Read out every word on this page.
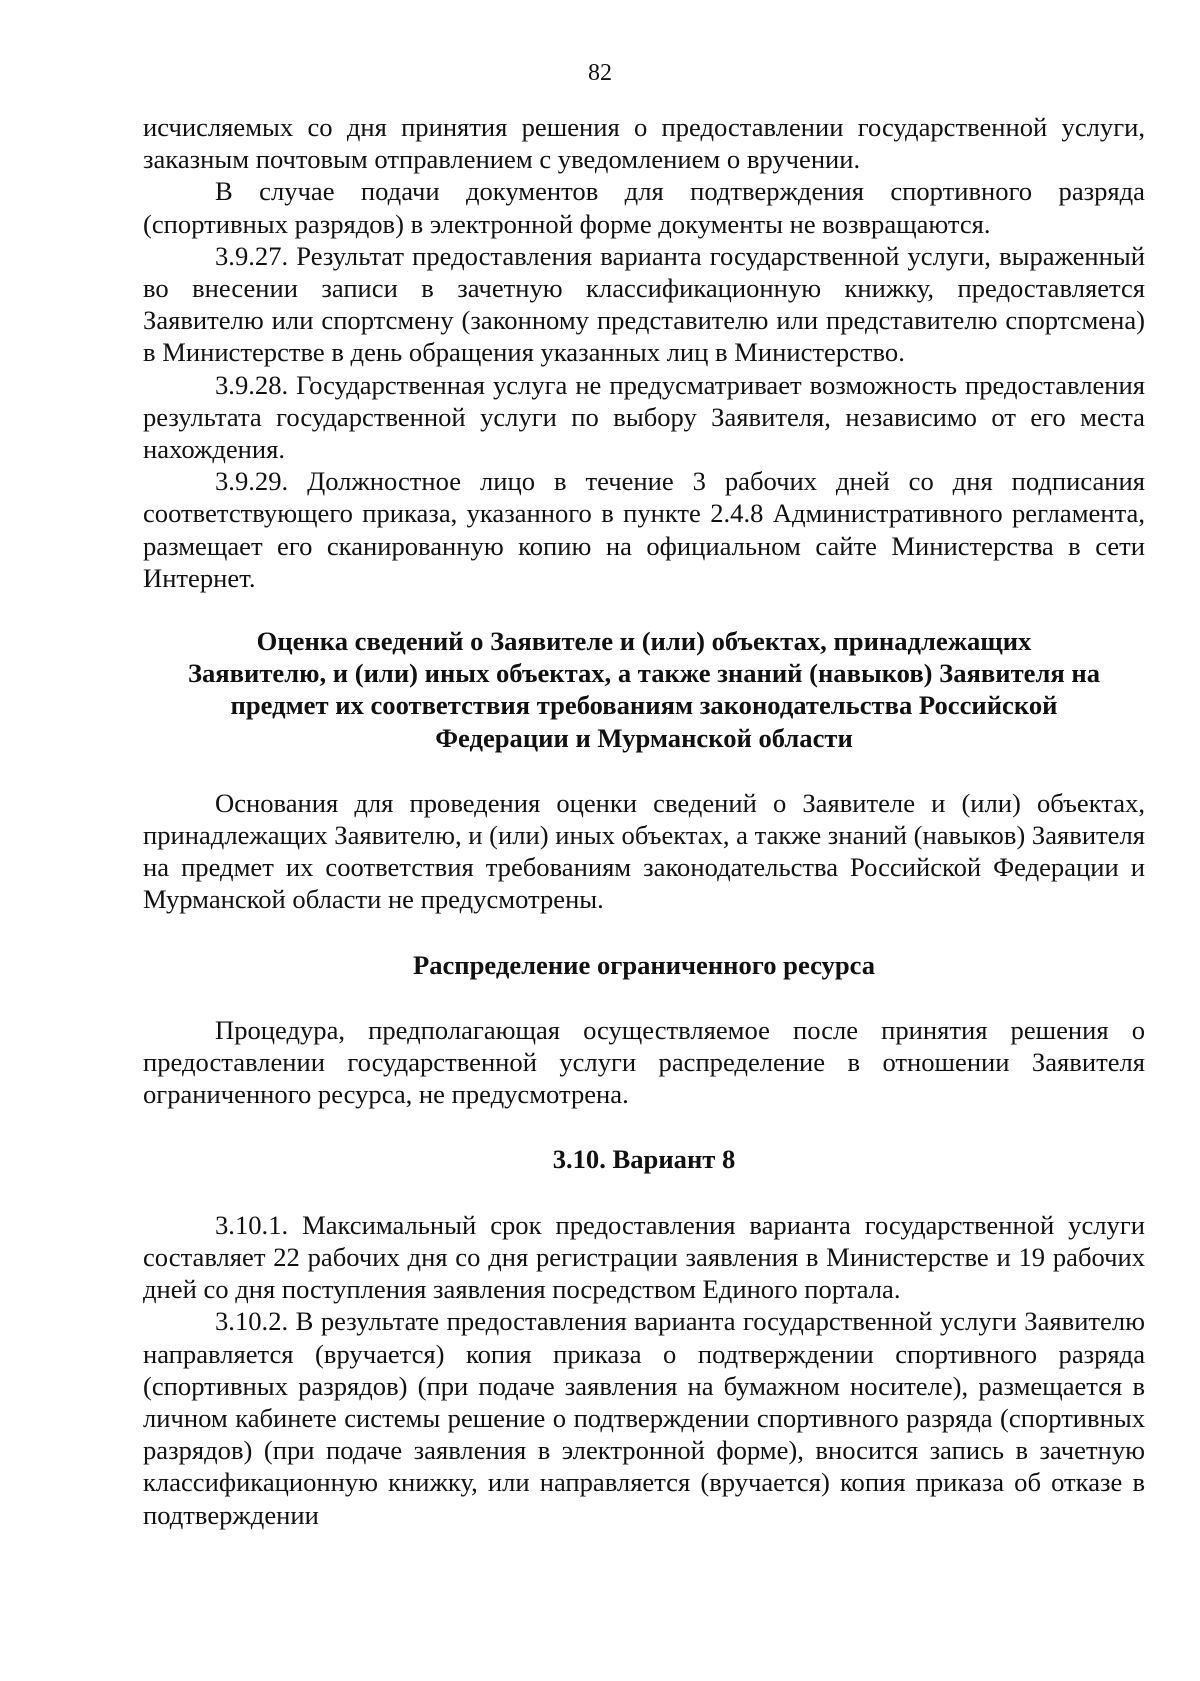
82

исчисляемых со дня принятия решения о предоставлении государственной услуги, заказным почтовым отправлением с уведомлением о вручении.

В случае подачи документов для подтверждения спортивного разряда (спортивных разрядов) в электронной форме документы не возвращаются.

3.9.27. Результат предоставления варианта государственной услуги, выраженный во внесении записи в зачетную классификационную книжку, предоставляется Заявителю или спортсмену (законному представителю или представителю спортсмена) в Министерстве в день обращения указанных лиц в Министерство.

3.9.28. Государственная услуга не предусматривает возможность предоставления результата государственной услуги по выбору Заявителя, независимо от его места нахождения.

3.9.29. Должностное лицо в течение 3 рабочих дней со дня подписания соответствующего приказа, указанного в пункте 2.4.8 Административного регламента, размещает его сканированную копию на официальном сайте Министерства в сети Интернет.

Оценка сведений о Заявителе и (или) объектах, принадлежащих
Заявителю, и (или) иных объектах, а также знаний (навыков) Заявителя на
предмет их соответствия требованиям законодательства Российской
Федерации и Мурманской области

Основания для проведения оценки сведений о Заявителе и (или) объектах, принадлежащих Заявителю, и (или) иных объектах, а также знаний (навыков) Заявителя на предмет их соответствия требованиям законодательства Российской Федерации и Мурманской области не предусмотрены.

Распределение ограниченного ресурса

Процедура, предполагающая осуществляемое после принятия решения о предоставлении государственной услуги распределение в отношении Заявителя ограниченного ресурса, не предусмотрена.

3.10. Вариант 8

3.10.1. Максимальный срок предоставления варианта государственной услуги составляет 22 рабочих дня со дня регистрации заявления в Министерстве и 19 рабочих дней со дня поступления заявления посредством Единого портала.

3.10.2. В результате предоставления варианта государственной услуги Заявителю направляется (вручается) копия приказа о подтверждении спортивного разряда (спортивных разрядов) (при подаче заявления на бумажном носителе), размещается в личном кабинете системы решение о подтверждении спортивного разряда (спортивных разрядов) (при подаче заявления в электронной форме), вносится запись в зачетную классификационную книжку, или направляется (вручается) копия приказа об отказе в подтверждении
